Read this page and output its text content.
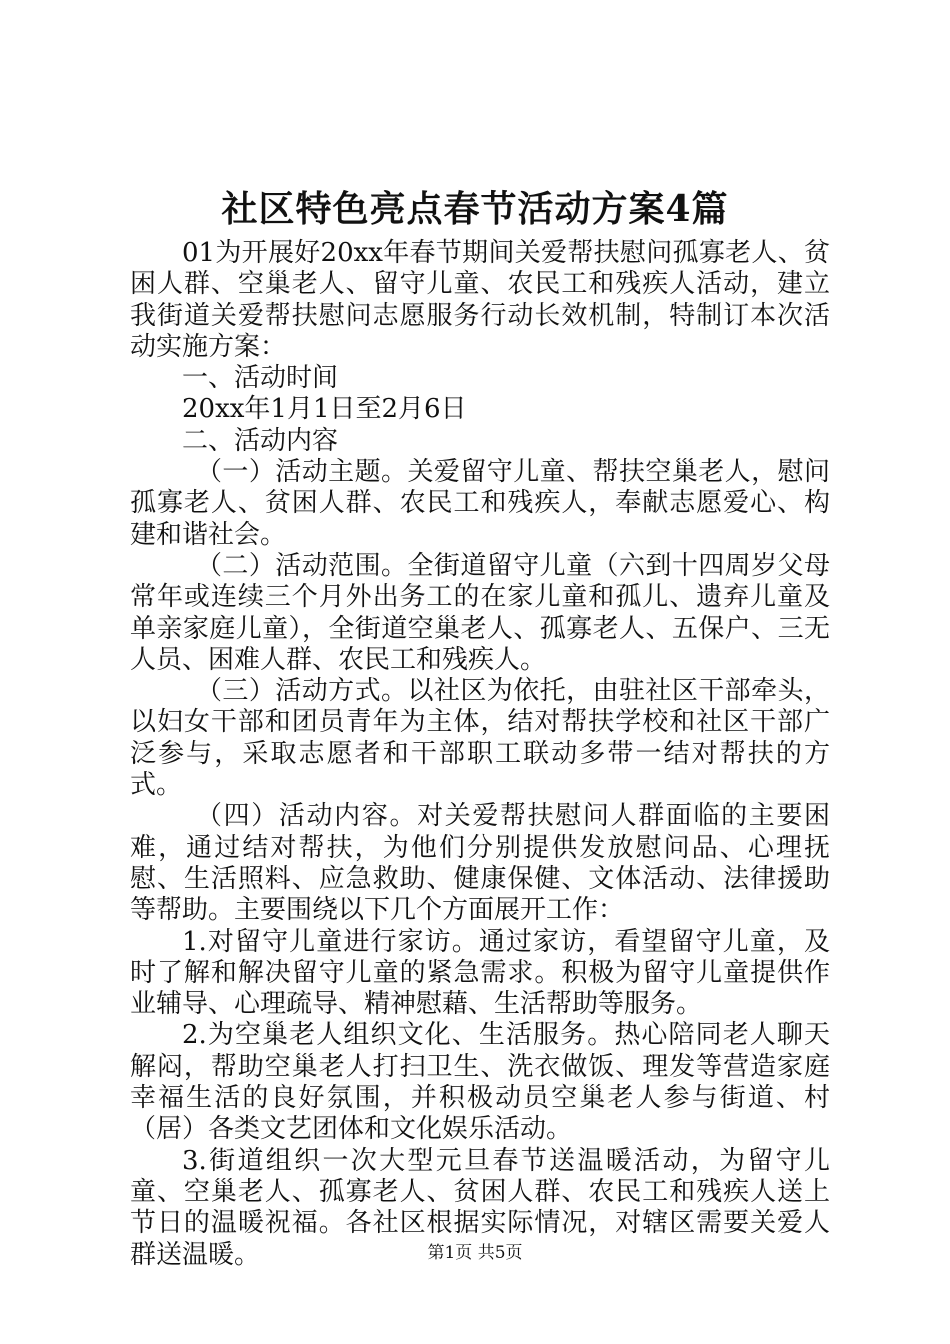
社区特色亮点春节活动方案4篇

01为开展好20xx年春节期间关爱帮扶慰问孤寡老人、贫困人群、空巢老人、留守儿童、农民工和残疾人活动，建立我街道关爱帮扶慰问志愿服务行动长效机制，特制订本次活动实施方案：

一、活动时间

20xx年1月1日至2月6日

二、活动内容

（一）活动主题。关爱留守儿童、帮扶空巢老人，慰问孤寡老人、贫困人群、农民工和残疾人，奉献志愿爱心、构建和谐社会。

（二）活动范围。全街道留守儿童（六到十四周岁父母常年或连续三个月外出务工的在家儿童和孤儿、遗弃儿童及单亲家庭儿童），全街道空巢老人、孤寡老人、五保户、三无人员、困难人群、农民工和残疾人。

（三）活动方式。以社区为依托，由驻社区干部牵头，以妇女干部和团员青年为主体，结对帮扶学校和社区干部广泛参与，采取志愿者和干部职工联动多带一结对帮扶的方式。

（四）活动内容。对关爱帮扶慰问人群面临的主要困难，通过结对帮扶，为他们分别提供发放慰问品、心理抚慰、生活照料、应急救助、健康保健、文体活动、法律援助等帮助。主要围绕以下几个方面展开工作：

1.对留守儿童进行家访。通过家访，看望留守儿童，及时了解和解决留守儿童的紧急需求。积极为留守儿童提供作业辅导、心理疏导、精神慰藉、生活帮助等服务。

2.为空巢老人组织文化、生活服务。热心陪同老人聊天解闷，帮助空巢老人打扫卫生、洗衣做饭、理发等营造家庭幸福生活的良好氛围，并积极动员空巢老人参与街道、村（居）各类文艺团体和文化娱乐活动。

3.街道组织一次大型元旦春节送温暖活动，为留守儿童、空巢老人、孤寡老人、贫困人群、农民工和残疾人送上节日的温暖祝福。各社区根据实际情况，对辖区需要关爱人群送温暖。	第1页 共5页
